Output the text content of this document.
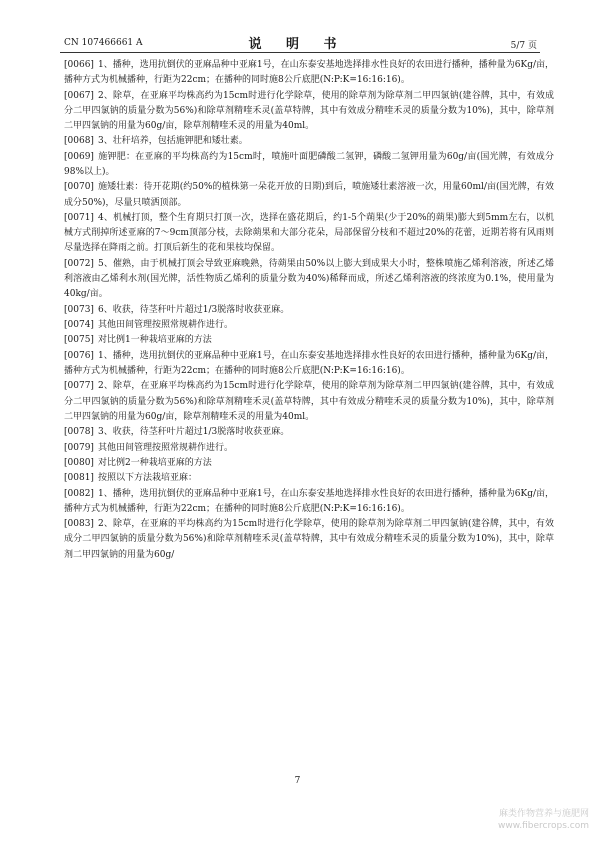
CN 107466661 A	说 明 书	5/7 页
[0066] 1、播种，选用抗倒伏的亚麻品种中亚麻1号，在山东泰安基地选择排水性良好的农田进行播种，播种量为6Kg/亩，播种方式为机械播种，行距为22cm；在播种的同时施8公斤底肥(N:P:K=16:16:16)。
[0067] 2、除草，在亚麻平均株高约为15cm时进行化学除草，使用的除草剂为除草剂二甲四氯钠(建谷牌，其中，有效成分二甲四氯钠的质量分数为56%)和除草剂精喹禾灵(盖草特牌，其中有效成分精喹禾灵的质量分数为10%)，其中，除草剂二甲四氯钠的用量为60g/亩，除草剂精喹禾灵的用量为40ml。
[0068] 3、壮秆培养，包括施钾肥和矮壮素。
[0069] 施钾肥：在亚麻的平均株高约为15cm时，喷施叶面肥磷酸二氢钾，磷酸二氢钾用量为60g/亩(国光牌，有效成分98%以上)。
[0070] 施矮壮素：待开花期(约50%的植株第一朵花开放的日期)到后，喷施矮壮素溶液一次，用量60ml/亩(国光牌，有效成分50%)，尽量只喷洒顶部。
[0071] 4、机械打顶，整个生育期只打顶一次，选择在盛花期后，约1-5个蒴果(少于20%的蒴果)膨大到5mm左右，以机械方式削掉所述亚麻的7～9cm顶部分枝，去除蒴果和大部分花朵，局部保留分枝和不超过20%的花蕾，近期若将有风雨则尽量选择在降雨之前。打顶后新生的花和果枝均保留。
[0072] 5、催熟，由于机械打顶会导致亚麻晚熟，待蒴果由50%以上膨大到成果大小时，整株喷施乙烯利溶液，所述乙烯利溶液由乙烯利水剂(国光牌，活性物质乙烯利的质量分数为40%)稀释而成，所述乙烯利溶液的终浓度为0.1%，使用量为40kg/亩。
[0073] 6、收获，待茎秆叶片超过1/3脱落时收获亚麻。
[0074] 其他田间管理按照常规耕作进行。
[0075] 对比例1一种栽培亚麻的方法
[0076] 1、播种，选用抗倒伏的亚麻品种中亚麻1号，在山东泰安基地选择排水性良好的农田进行播种，播种量为6Kg/亩，播种方式为机械播种，行距为22cm；在播种的同时施8公斤底肥(N:P:K=16:16:16)。
[0077] 2、除草，在亚麻平均株高约为15cm时进行化学除草，使用的除草剂为除草剂二甲四氯钠(建谷牌，其中，有效成分二甲四氯钠的质量分数为56%)和除草剂精喹禾灵(盖草特牌，其中有效成分精喹禾灵的质量分数为10%)，其中，除草剂二甲四氯钠的用量为60g/亩，除草剂精喹禾灵的用量为40ml。
[0078] 3、收获，待茎秆叶片超过1/3脱落时收获亚麻。
[0079] 其他田间管理按照常规耕作进行。
[0080] 对比例2一种栽培亚麻的方法
[0081] 按照以下方法栽培亚麻：
[0082] 1、播种，选用抗倒伏的亚麻品种中亚麻1号，在山东泰安基地选择排水性良好的农田进行播种，播种量为6Kg/亩，播种方式为机械播种，行距为22cm；在播种的同时施8公斤底肥(N:P:K=16:16:16)。
[0083] 2、除草，在亚麻的平均株高约为15cm时进行化学除草，使用的除草剂为除草剂二甲四氯钠(建谷牌，其中，有效成分二甲四氯钠的质量分数为56%)和除草剂精喹禾灵(盖草特牌，其中有效成分精喹禾灵的质量分数为10%)，其中，除草剂二甲四氯钠的用量为60g/
7
麻类作物营养与施肥网
www.fibercrops.com
